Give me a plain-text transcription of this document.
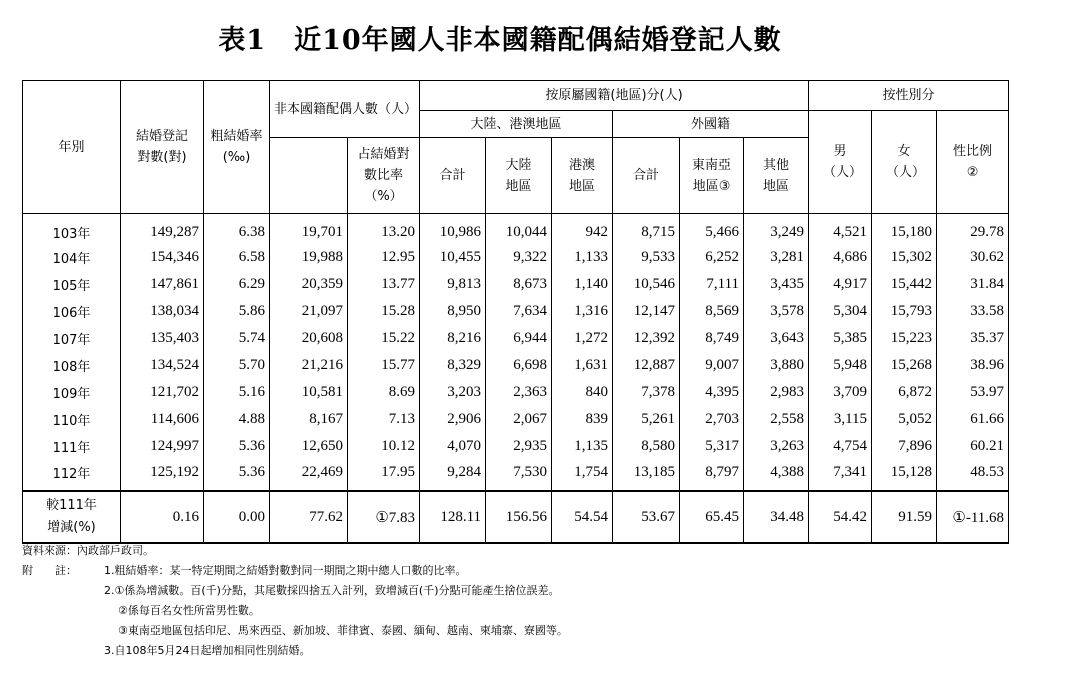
表1　近10年國人非本國籍配偶結婚登記人數
年別	結婚登記對數(對)	粗結婚率(‰)	非本國籍配偶人數（人）		按原屬國籍(地區)分(人)						按性別分		
					大陸、港澳地區			外國籍			男（人）	女（人）	性比例②
				占結婚對數比率（%）	合計	大陸地區	港澳地區	合計	東南亞地區③	其他地區			
103年	149,287	6.38	19,701	13.20	10,986	10,044	942	8,715	5,466	3,249	4,521	15,180	29.78
104年	154,346	6.58	19,988	12.95	10,455	9,322	1,133	9,533	6,252	3,281	4,686	15,302	30.62
105年	147,861	6.29	20,359	13.77	9,813	8,673	1,140	10,546	7,111	3,435	4,917	15,442	31.84
106年	138,034	5.86	21,097	15.28	8,950	7,634	1,316	12,147	8,569	3,578	5,304	15,793	33.58
107年	135,403	5.74	20,608	15.22	8,216	6,944	1,272	12,392	8,749	3,643	5,385	15,223	35.37
108年	134,524	5.70	21,216	15.77	8,329	6,698	1,631	12,887	9,007	3,880	5,948	15,268	38.96
109年	121,702	5.16	10,581	8.69	3,203	2,363	840	7,378	4,395	2,983	3,709	6,872	53.97
110年	114,606	4.88	8,167	7.13	2,906	2,067	839	5,261	2,703	2,558	3,115	5,052	61.66
111年	124,997	5.36	12,650	10.12	4,070	2,935	1,135	8,580	5,317	3,263	4,754	7,896	60.21
112年	125,192	5.36	22,469	17.95	9,284	7,530	1,754	13,185	8,797	4,388	7,341	15,128	48.53

較111年
增減(%)	0.16	0.00	77.62	①7.83	128.11	156.56	54.54	53.67	65.45	34.48	54.42	91.59	①-11.68
資料來源：內政部戶政司。
附　　註： 1.粗結婚率：某一特定期間之結婚對數對同一期間之期中總人口數的比率。
2.①係為增減數。百(千)分點，其尾數採四捨五入計列，致增減百(千)分點可能產生捨位誤差。
②係每百名女性所當男性數。
③東南亞地區包括印尼、馬來西亞、新加坡、菲律賓、泰國、緬甸、越南、柬埔寨、寮國等。
3.自108年5月24日起增加相同性別結婚。
